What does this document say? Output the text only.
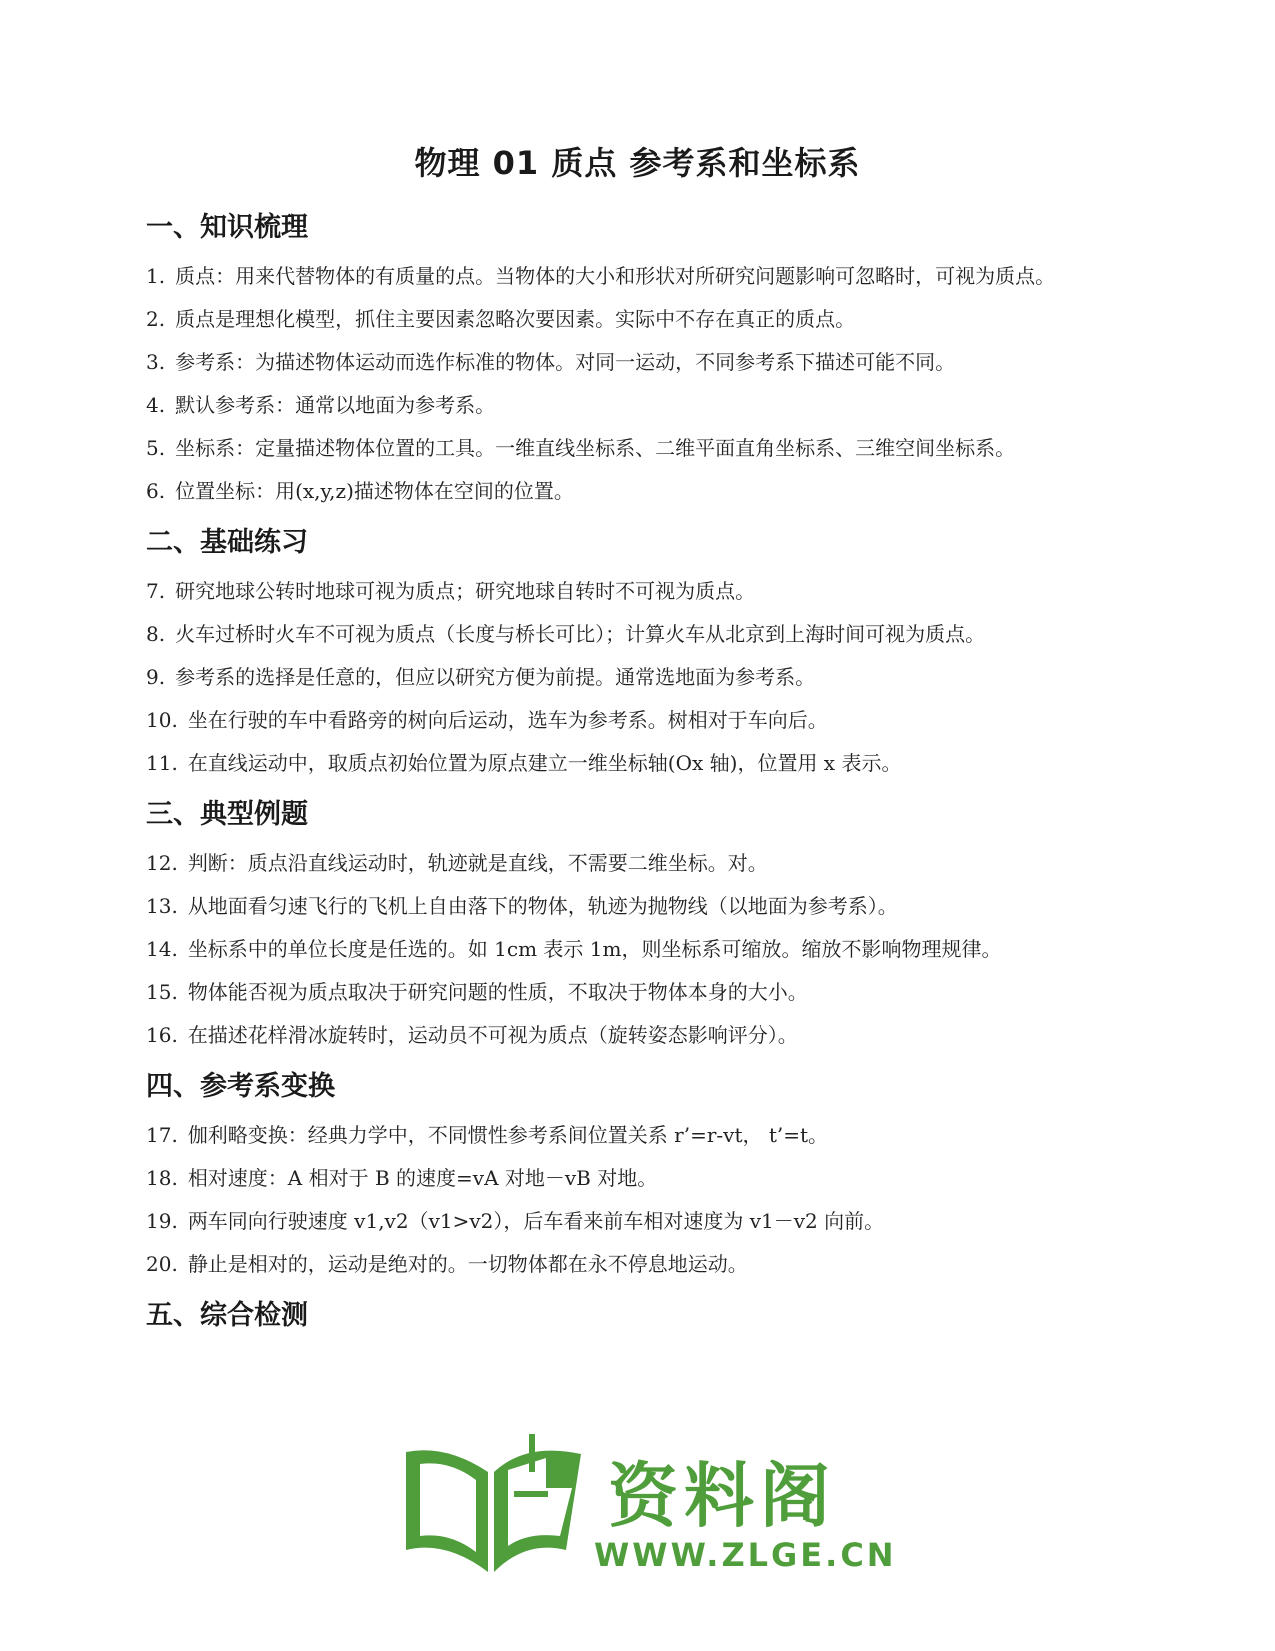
物理 01 质点 参考系和坐标系
一、知识梳理

1. 质点：用来代替物体的有质量的点。当物体的大小和形状对所研究问题影响可忽略时，可视为质点。

2. 质点是理想化模型，抓住主要因素忽略次要因素。实际中不存在真正的质点。

3. 参考系：为描述物体运动而选作标准的物体。对同一运动，不同参考系下描述可能不同。

4. 默认参考系：通常以地面为参考系。

5. 坐标系：定量描述物体位置的工具。一维直线坐标系、二维平面直角坐标系、三维空间坐标系。

6. 位置坐标：用(x,y,z)描述物体在空间的位置。

二、基础练习

7. 研究地球公转时地球可视为质点；研究地球自转时不可视为质点。

8. 火车过桥时火车不可视为质点（长度与桥长可比）；计算火车从北京到上海时间可视为质点。

9. 参考系的选择是任意的，但应以研究方便为前提。通常选地面为参考系。

10. 坐在行驶的车中看路旁的树向后运动，选车为参考系。树相对于车向后。

11. 在直线运动中，取质点初始位置为原点建立一维坐标轴(Ox 轴)，位置用 x 表示。

三、典型例题

12. 判断：质点沿直线运动时，轨迹就是直线，不需要二维坐标。对。

13. 从地面看匀速飞行的飞机上自由落下的物体，轨迹为抛物线（以地面为参考系）。

14. 坐标系中的单位长度是任选的。如 1cm 表示 1m，则坐标系可缩放。缩放不影响物理规律。

15. 物体能否视为质点取决于研究问题的性质，不取决于物体本身的大小。

16. 在描述花样滑冰旋转时，运动员不可视为质点（旋转姿态影响评分）。

四、参考系变换

17. 伽利略变换：经典力学中，不同惯性参考系间位置关系 r’=r-vt， t’=t。

18. 相对速度：A 相对于 B 的速度=vA 对地－vB 对地。

19. 两车同向行驶速度 v1,v2（v1>v2），后车看来前车相对速度为 v1－v2 向前。

20. 静止是相对的，运动是绝对的。一切物体都在永不停息地运动。

五、综合检测
资料阁
WWW.ZLGE.CN
